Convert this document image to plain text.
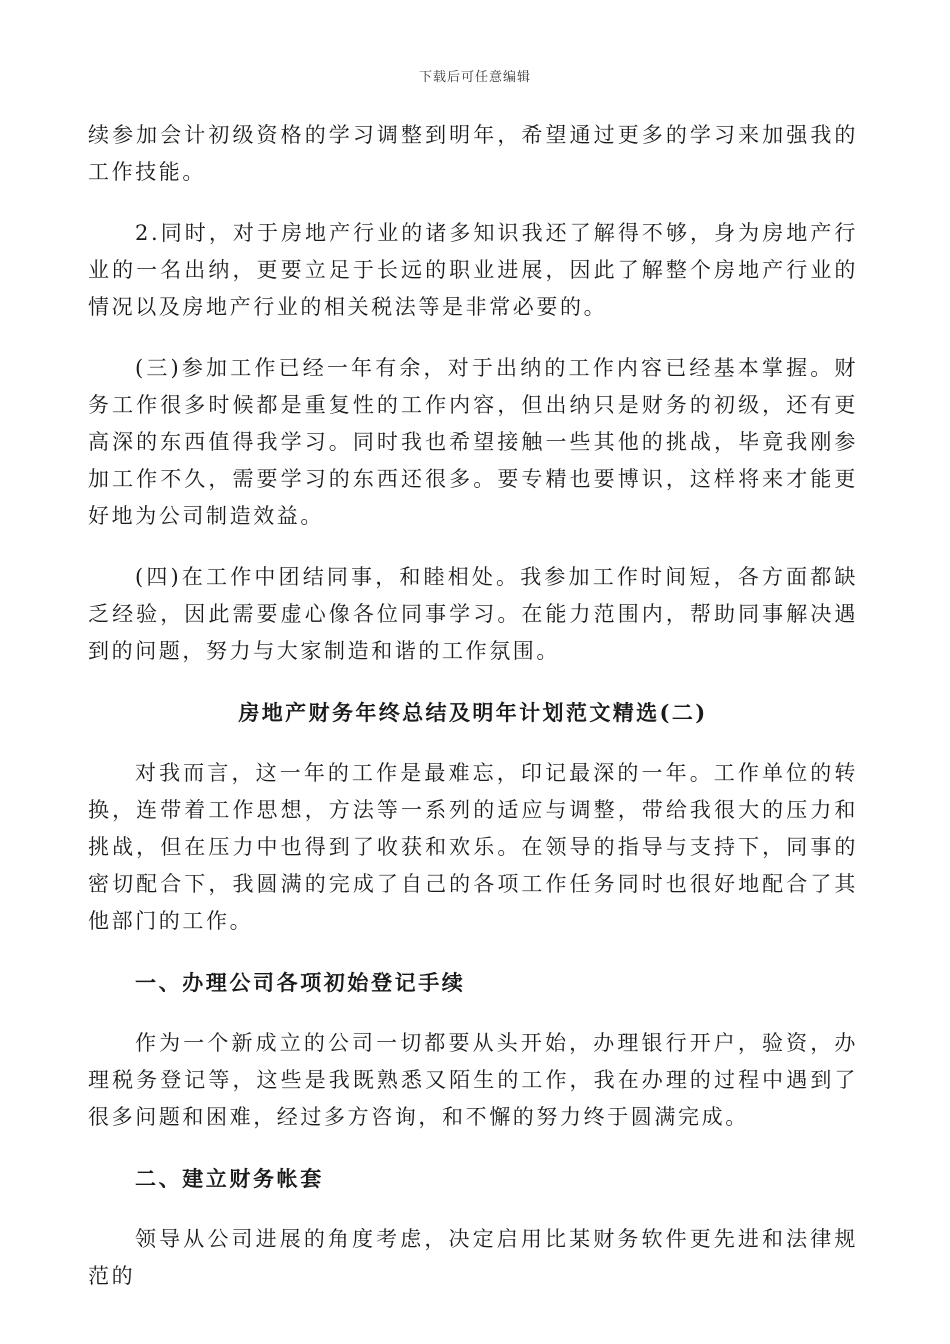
下载后可任意编辑

续参加会计初级资格的学习调整到明年，希望通过更多的学习来加强我的工作技能。

2.同时，对于房地产行业的诸多知识我还了解得不够，身为房地产行业的一名出纳，更要立足于长远的职业进展，因此了解整个房地产行业的情况以及房地产行业的相关税法等是非常必要的。

(三)参加工作已经一年有余，对于出纳的工作内容已经基本掌握。财务工作很多时候都是重复性的工作内容，但出纳只是财务的初级，还有更高深的东西值得我学习。同时我也希望接触一些其他的挑战，毕竟我刚参加工作不久，需要学习的东西还很多。要专精也要博识，这样将来才能更好地为公司制造效益。

(四)在工作中团结同事，和睦相处。我参加工作时间短，各方面都缺乏经验，因此需要虚心像各位同事学习。在能力范围内，帮助同事解决遇到的问题，努力与大家制造和谐的工作氛围。

房地产财务年终总结及明年计划范文精选(二)

对我而言，这一年的工作是最难忘，印记最深的一年。工作单位的转换，连带着工作思想，方法等一系列的适应与调整，带给我很大的压力和挑战，但在压力中也得到了收获和欢乐。在领导的指导与支持下，同事的密切配合下，我圆满的完成了自己的各项工作任务同时也很好地配合了其他部门的工作。

一、办理公司各项初始登记手续

作为一个新成立的公司一切都要从头开始，办理银行开户，验资，办理税务登记等，这些是我既熟悉又陌生的工作，我在办理的过程中遇到了很多问题和困难，经过多方咨询，和不懈的努力终于圆满完成。

二、建立财务帐套

领导从公司进展的角度考虑，决定启用比某财务软件更先进和法律规范的
